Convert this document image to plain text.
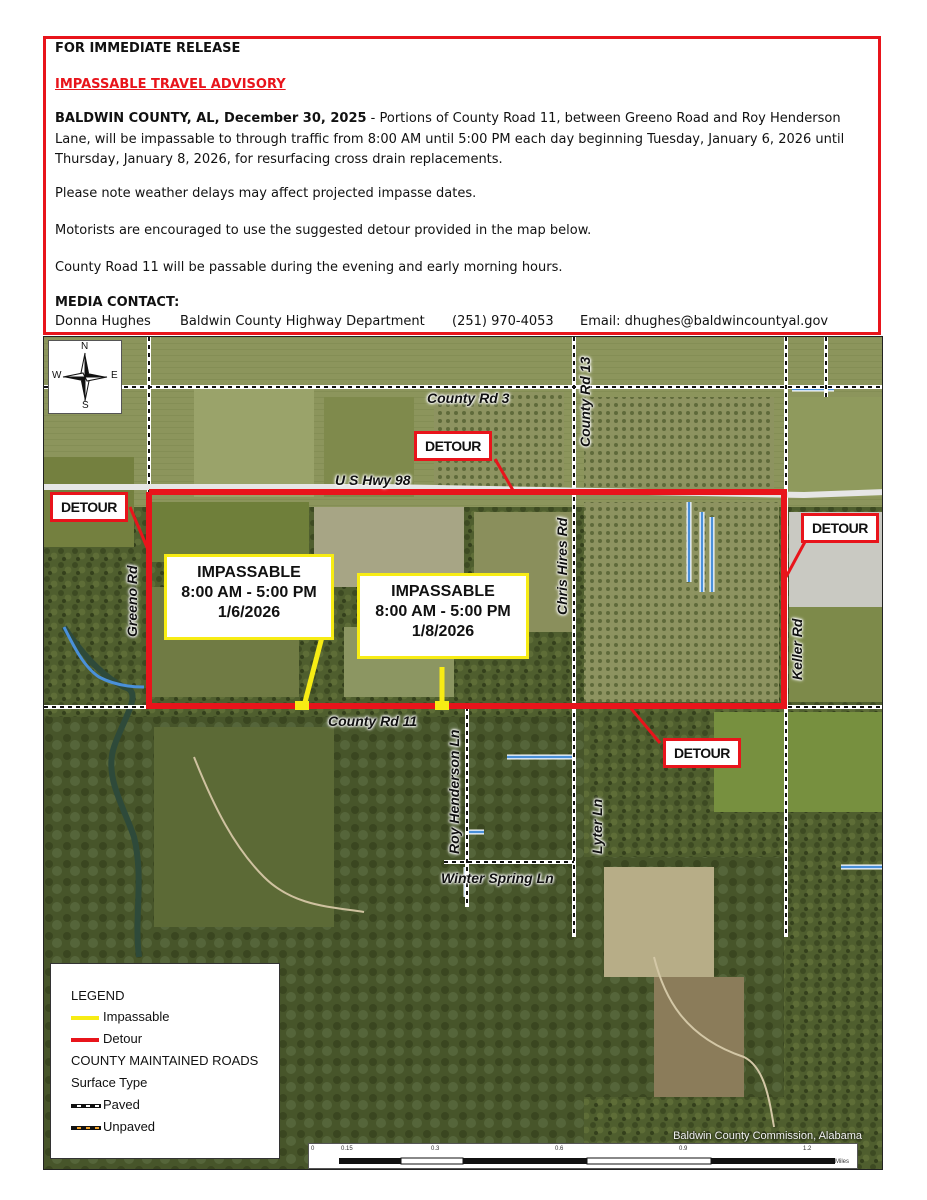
FOR IMMEDIATE RELEASE
IMPASSABLE TRAVEL ADVISORY
BALDWIN COUNTY, AL, December 30, 2025 - Portions of County Road 11, between Greeno Road and Roy Henderson Lane, will be impassable to through traffic from 8:00 AM until 5:00 PM each day beginning Tuesday, January 6, 2026 until Thursday, January 8, 2026, for resurfacing cross drain replacements.
Please note weather delays may affect projected impasse dates.
Motorists are encouraged to use the suggested detour provided in the map below.
County Road 11 will be passable during the evening and early morning hours.
MEDIA CONTACT:
Donna Hughes Baldwin County Highway Department (251) 970-4053 Email: dhughes@baldwincountyal.gov
N
S
E
W
County Rd 3	County Rd 13
U S Hwy 98
Greeno Rd	Chris Hires Rd
Keller Rd
County Rd 11
Roy Henderson Ln	Lyter Ln
Winter Spring Ln
DETOUR
DETOUR
DETOUR
DETOUR
IMPASSABLE
8:00 AM - 5:00 PM
1/6/2026
IMPASSABLE
8:00 AM - 5:00 PM
1/8/2026
LEGEND
Impassable
Detour
COUNTY MAINTAINED ROADS
Surface Type
Paved
Unpaved
Baldwin County Commission, Alabama
0	0.15	0.3	0.6	0.9	1.2
Miles
